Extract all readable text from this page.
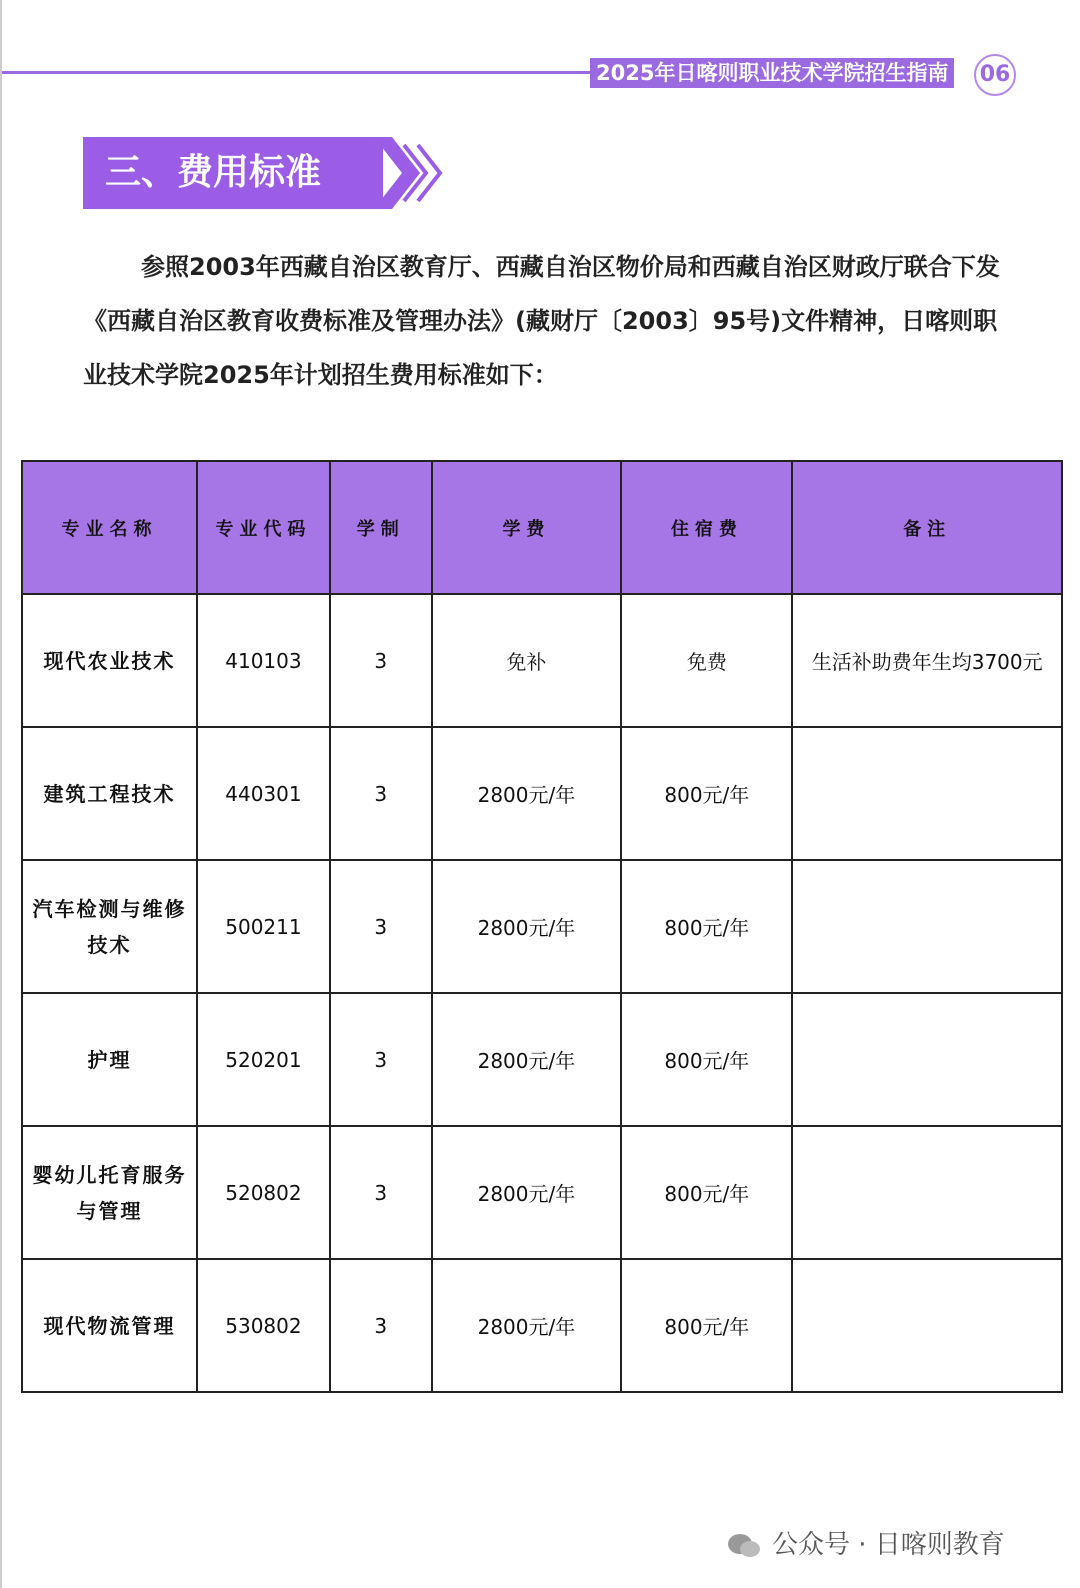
2025年日喀则职业技术学院招生指南 06
三、费用标准
参照2003年西藏自治区教育厅、西藏自治区物价局和西藏自治区财政厅联合下发《西藏自治区教育收费标准及管理办法》(藏财厅〔2003〕95号)文件精神，日喀则职业技术学院2025年计划招生费用标准如下：
专业名称	专业代码	学制	学费	住宿费	备注
现代农业技术	410103	3	免补	免费	生活补助费年生均3700元
建筑工程技术	440301	3	2800元/年	800元/年	
汽车检测与维修技术	500211	3	2800元/年	800元/年	
护理	520201	3	2800元/年	800元/年	
婴幼儿托育服务与管理	520802	3	2800元/年	800元/年	
现代物流管理	530802	3	2800元/年	800元/年	
公众号 · 日喀则教育
